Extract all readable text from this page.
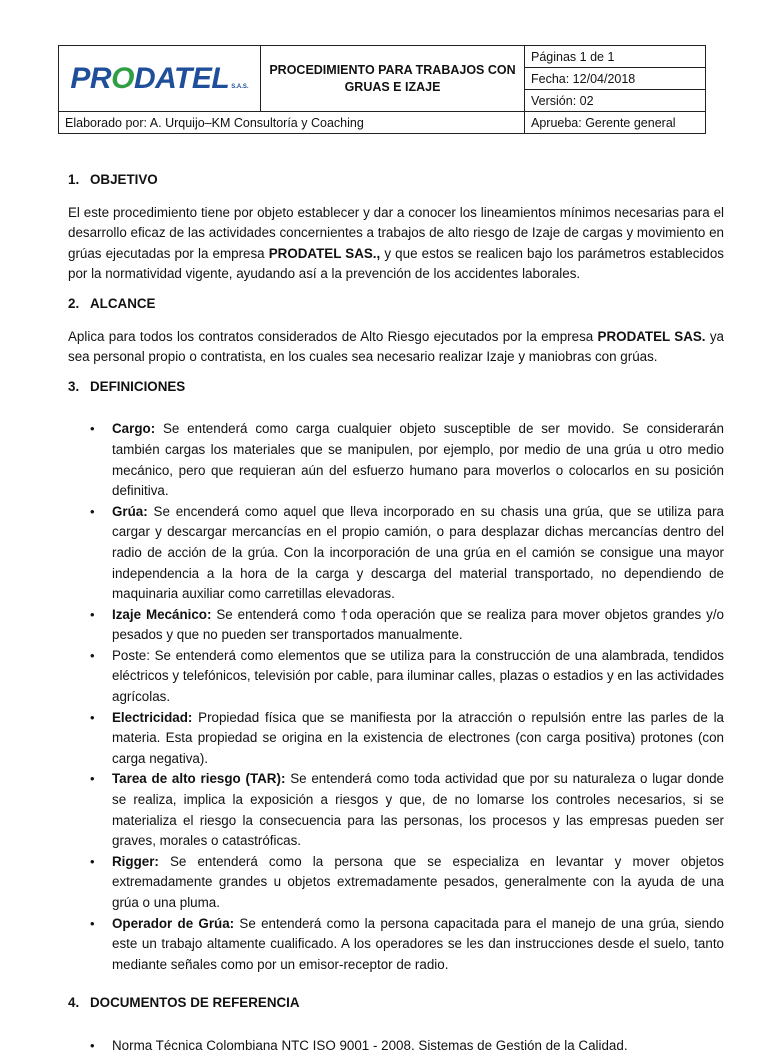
PRODATEL S.A.S.	PROCEDIMIENTO PARA TRABAJOS CON GRUAS E IZAJE	Páginas 1 de 1
		Fecha: 12/04/2018
		Versión: 02
Elaborado por: A. Urquijo–KM Consultoría y Coaching		Aprueba: Gerente general
1. OBJETIVO

El este procedimiento tiene por objeto establecer y dar a conocer los lineamientos mínimos necesarias para el desarrollo eficaz de las actividades concernientes a trabajos de alto riesgo de Izaje de cargas y movimiento en grúas ejecutadas por la empresa PRODATEL SAS., y que estos se realicen bajo los parámetros establecidos por la normatividad vigente, ayudando así a la prevención de los accidentes laborales.

2. ALCANCE

Aplica para todos los contratos considerados de Alto Riesgo ejecutados por la empresa PRODATEL SAS. ya sea personal propio o contratista, en los cuales sea necesario realizar Izaje y maniobras con grúas.

3. DEFINICIONES
• Cargo: Se entenderá como carga cualquier objeto susceptible de ser movido. Se considerarán también cargas los materiales que se manipulen, por ejemplo, por medio de una grúa u otro medio mecánico, pero que requieran aún del esfuerzo humano para moverlos o colocarlos en su posición definitiva.
• Grúa: Se encenderá como aquel que lleva incorporado en su chasis una grúa, que se utiliza para cargar y descargar mercancías en el propio camión, o para desplazar dichas mercancías dentro del radio de acción de la grúa. Con la incorporación de una grúa en el camión se consigue una mayor independencia a la hora de la carga y descarga del material transportado, no dependiendo de maquinaria auxiliar como carretillas elevadoras.
• Izaje Mecánico: Se entenderá como †oda operación que se realiza para mover objetos grandes y/o pesados y que no pueden ser transportados manualmente.
• Poste: Se entenderá como elementos que se utiliza para la construcción de una alambrada, tendidos eléctricos y telefónicos, televisión por cable, para iluminar calles, plazas o estadios y en las actividades agrícolas.
• Electricidad: Propiedad física que se manifiesta por la atracción o repulsión entre las parles de la materia. Esta propiedad se origina en la existencia de electrones (con carga positiva) protones (con carga negativa).
• Tarea de alto riesgo (TAR): Se entenderá como toda actividad que por su naturaleza o lugar donde se realiza, implica la exposición a riesgos y que, de no lomarse los controles necesarios, si se materializa el riesgo la consecuencia para las personas, los procesos y las empresas pueden ser graves, morales o catastróficas.
• Rigger: Se entenderá como la persona que se especializa en levantar y mover objetos extremadamente grandes u objetos extremadamente pesados, generalmente con la ayuda de una grúa o una pluma.
• Operador de Grúa: Se entenderá como la persona capacitada para el manejo de una grúa, siendo este un trabajo altamente cualificado. A los operadores se les dan instrucciones desde el suelo, tanto mediante señales como por un emisor-receptor de radio.
4. DOCUMENTOS DE REFERENCIA
• Norma Técnica Colombiana NTC ISO 9001 - 2008. Sistemas de Gestión de la Calidad.
